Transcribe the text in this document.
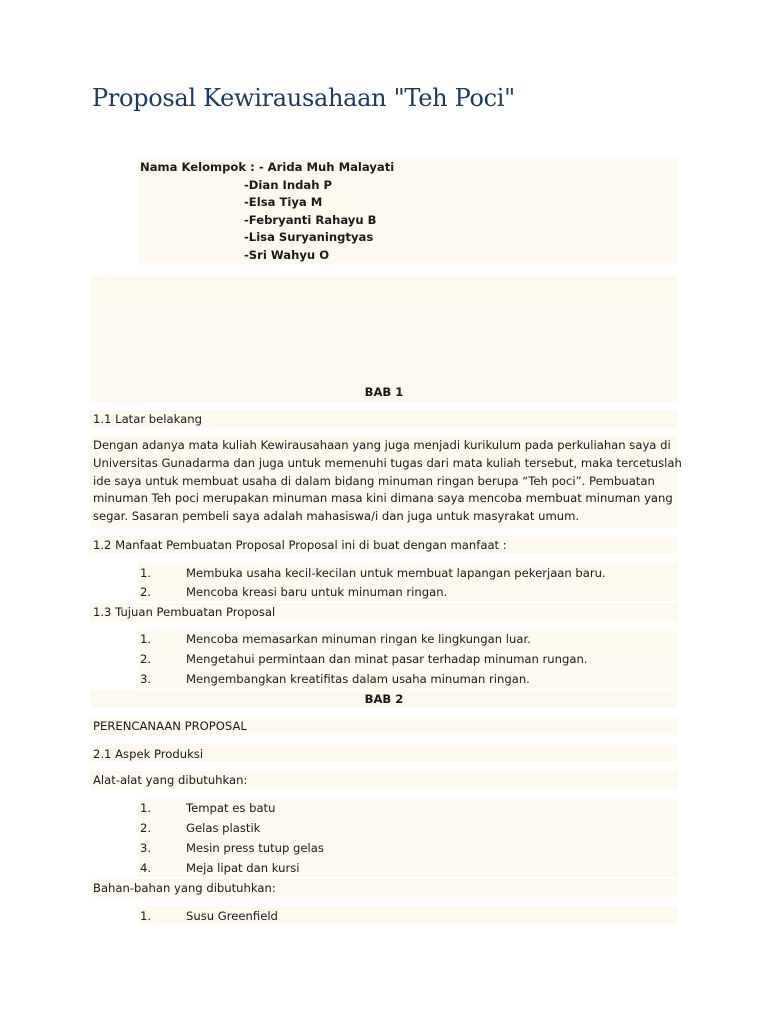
Proposal Kewirausahaan "Teh Poci"
Nama Kelompok : - Arida Muh Malayati
-Dian Indah P
-Elsa Tiya M
-Febryanti Rahayu B
-Lisa Suryaningtyas
-Sri Wahyu O
BAB 1
1.1 Latar belakang
Dengan adanya mata kuliah Kewirausahaan yang juga menjadi kurikulum pada perkuliahan saya di
Universitas Gunadarma dan juga untuk memenuhi tugas dari mata kuliah tersebut, maka tercetuslah
ide saya untuk membuat usaha di dalam bidang minuman ringan berupa “Teh poci”. Pembuatan
minuman Teh poci merupakan minuman masa kini dimana saya mencoba membuat minuman yang
segar. Sasaran pembeli saya adalah mahasiswa/i dan juga untuk masyrakat umum.
1.2 Manfaat Pembuatan Proposal Proposal ini di buat dengan manfaat :
1.	Membuka usaha kecil-kecilan untuk membuat lapangan pekerjaan baru.
2.	Mencoba kreasi baru untuk minuman ringan.
1.3 Tujuan Pembuatan Proposal
1.	Mencoba memasarkan minuman ringan ke lingkungan luar.
2.	Mengetahui permintaan dan minat pasar terhadap minuman rungan.
3.	Mengembangkan kreatifitas dalam usaha minuman ringan.
BAB 2
PERENCANAAN PROPOSAL
2.1 Aspek Produksi
Alat-alat yang dibutuhkan:
1.	Tempat es batu
2.	Gelas plastik
3.	Mesin press tutup gelas
4.	Meja lipat dan kursi
Bahan-bahan yang dibutuhkan:
1.	Susu Greenfield
